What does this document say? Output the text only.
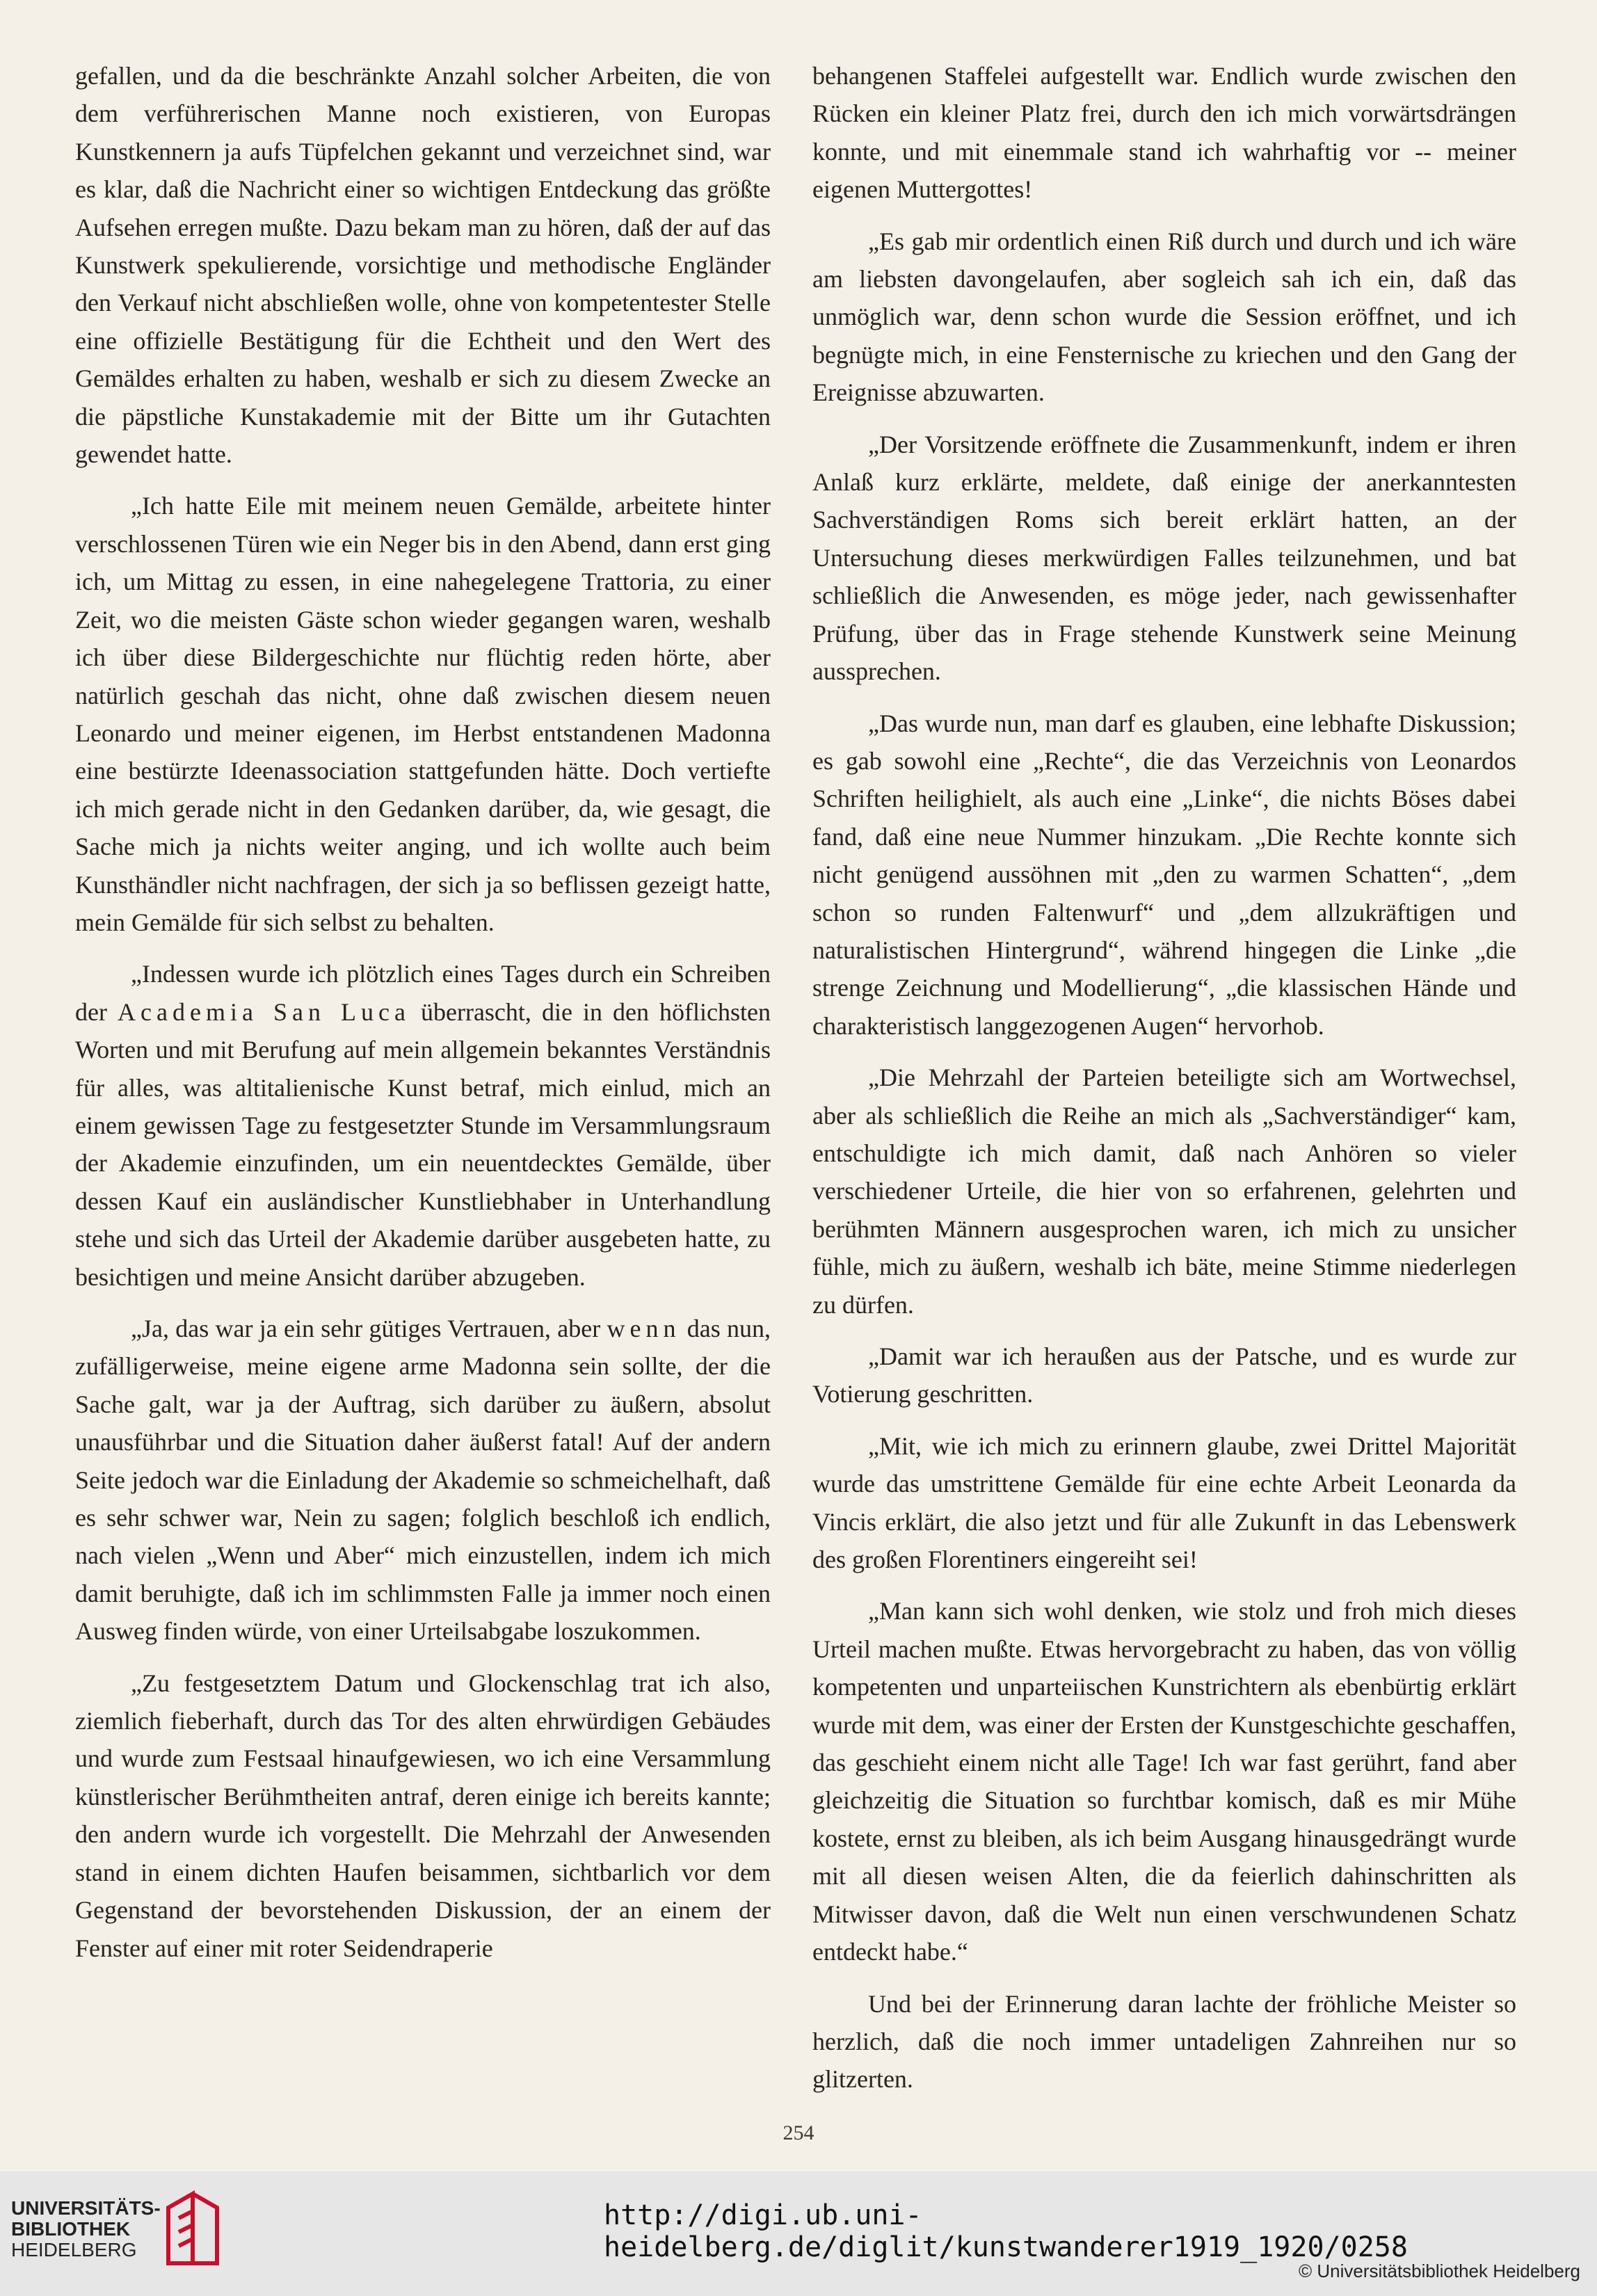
gefallen, und da die beschränkte Anzahl solcher Arbeiten, die von dem verführerischen Manne noch existieren, von Europas Kunstkennern ja aufs Tüpfelchen gekannt und verzeichnet sind, war es klar, daß die Nachricht einer so wichtigen Entdeckung das größte Aufsehen erregen mußte. Dazu bekam man zu hören, daß der auf das Kunstwerk spekulierende, vorsichtige und methodische Engländer den Verkauf nicht abschließen wolle, ohne von kompetentester Stelle eine offizielle Bestätigung für die Echtheit und den Wert des Gemäldes erhalten zu haben, weshalb er sich zu diesem Zwecke an die päpstliche Kunstakademie mit der Bitte um ihr Gutachten gewendet hatte.

„Ich hatte Eile mit meinem neuen Gemälde, arbeitete hinter verschlossenen Türen wie ein Neger bis in den Abend, dann erst ging ich, um Mittag zu essen, in eine nahegelegene Trattoria, zu einer Zeit, wo die meisten Gäste schon wieder gegangen waren, weshalb ich über diese Bildergeschichte nur flüchtig reden hörte, aber natürlich geschah das nicht, ohne daß zwischen diesem neuen Leonardo und meiner eigenen, im Herbst entstandenen Madonna eine bestürzte Ideenassociation stattgefunden hätte. Doch vertiefte ich mich gerade nicht in den Gedanken darüber, da, wie gesagt, die Sache mich ja nichts weiter anging, und ich wollte auch beim Kunsthändler nicht nachfragen, der sich ja so beflissen gezeigt hatte, mein Gemälde für sich selbst zu behalten.

„Indessen wurde ich plötzlich eines Tages durch ein Schreiben der Academia San Luca überrascht, die in den höflichsten Worten und mit Berufung auf mein allgemein bekanntes Verständnis für alles, was altitalienische Kunst betraf, mich einlud, mich an einem gewissen Tage zu festgesetzter Stunde im Versammlungsraum der Akademie einzufinden, um ein neuentdecktes Gemälde, über dessen Kauf ein ausländischer Kunstliebhaber in Unterhandlung stehe und sich das Urteil der Akademie darüber ausgebeten hatte, zu besichtigen und meine Ansicht darüber abzugeben.

„Ja, das war ja ein sehr gütiges Vertrauen, aber wenn das nun, zufälligerweise, meine eigene arme Madonna sein sollte, der die Sache galt, war ja der Auftrag, sich darüber zu äußern, absolut unausführbar und die Situation daher äußerst fatal! Auf der andern Seite jedoch war die Einladung der Akademie so schmeichelhaft, daß es sehr schwer war, Nein zu sagen; folglich beschloß ich endlich, nach vielen „Wenn und Aber“ mich einzustellen, indem ich mich damit beruhigte, daß ich im schlimmsten Falle ja immer noch einen Ausweg finden würde, von einer Urteilsabgabe loszukommen.

„Zu festgesetztem Datum und Glockenschlag trat ich also, ziemlich fieberhaft, durch das Tor des alten ehrwürdigen Gebäudes und wurde zum Festsaal hinaufgewiesen, wo ich eine Versammlung künstlerischer Berühmtheiten antraf, deren einige ich bereits kannte; den andern wurde ich vorgestellt. Die Mehrzahl der Anwesenden stand in einem dichten Haufen beisammen, sichtbarlich vor dem Gegenstand der bevorstehenden Diskussion, der an einem der Fenster auf einer mit roter Seidendraperie

behangenen Staffelei aufgestellt war. Endlich wurde zwischen den Rücken ein kleiner Platz frei, durch den ich mich vorwärtsdrängen konnte, und mit einemmale stand ich wahrhaftig vor -- meiner eigenen Muttergottes!

„Es gab mir ordentlich einen Riß durch und durch und ich wäre am liebsten davongelaufen, aber sogleich sah ich ein, daß das unmöglich war, denn schon wurde die Session eröffnet, und ich begnügte mich, in eine Fensternische zu kriechen und den Gang der Ereignisse abzuwarten.

„Der Vorsitzende eröffnete die Zusammenkunft, indem er ihren Anlaß kurz erklärte, meldete, daß einige der anerkanntesten Sachverständigen Roms sich bereit erklärt hatten, an der Untersuchung dieses merkwürdigen Falles teilzunehmen, und bat schließlich die Anwesenden, es möge jeder, nach gewissenhafter Prüfung, über das in Frage stehende Kunstwerk seine Meinung aussprechen.

„Das wurde nun, man darf es glauben, eine lebhafte Diskussion; es gab sowohl eine „Rechte“, die das Verzeichnis von Leonardos Schriften heilighielt, als auch eine „Linke“, die nichts Böses dabei fand, daß eine neue Nummer hinzukam. „Die Rechte konnte sich nicht genügend aussöhnen mit „den zu warmen Schatten“, „dem schon so runden Faltenwurf“ und „dem allzukräftigen und naturalistischen Hintergrund“, während hingegen die Linke „die strenge Zeichnung und Modellierung“, „die klassischen Hände und charakteristisch langgezogenen Augen“ hervorhob.

„Die Mehrzahl der Parteien beteiligte sich am Wortwechsel, aber als schließlich die Reihe an mich als „Sachverständiger“ kam, entschuldigte ich mich damit, daß nach Anhören so vieler verschiedener Urteile, die hier von so erfahrenen, gelehrten und berühmten Männern ausgesprochen waren, ich mich zu unsicher fühle, mich zu äußern, weshalb ich bäte, meine Stimme niederlegen zu dürfen.

„Damit war ich heraußen aus der Patsche, und es wurde zur Votierung geschritten.

„Mit, wie ich mich zu erinnern glaube, zwei Drittel Majorität wurde das umstrittene Gemälde für eine echte Arbeit Leonarda da Vincis erklärt, die also jetzt und für alle Zukunft in das Lebenswerk des großen Florentiners eingereiht sei!

„Man kann sich wohl denken, wie stolz und froh mich dieses Urteil machen mußte. Etwas hervorgebracht zu haben, das von völlig kompetenten und unparteiischen Kunstrichtern als ebenbürtig erklärt wurde mit dem, was einer der Ersten der Kunstgeschichte geschaffen, das geschieht einem nicht alle Tage! Ich war fast gerührt, fand aber gleichzeitig die Situation so furchtbar komisch, daß es mir Mühe kostete, ernst zu bleiben, als ich beim Ausgang hinausgedrängt wurde mit all diesen weisen Alten, die da feierlich dahinschritten als Mitwisser davon, daß die Welt nun einen verschwundenen Schatz entdeckt habe.“

Und bei der Erinnerung daran lachte der fröhliche Meister so herzlich, daß die noch immer untadeligen Zahnreihen nur so glitzerten.

254
UNIVERSITÄTS-
BIBLIOTHEK

HEIDELBERG
http://digi.ub.uni-heidelberg.de/diglit/kunstwanderer1919_1920/0258
© Universitätsbibliothek Heidelberg
